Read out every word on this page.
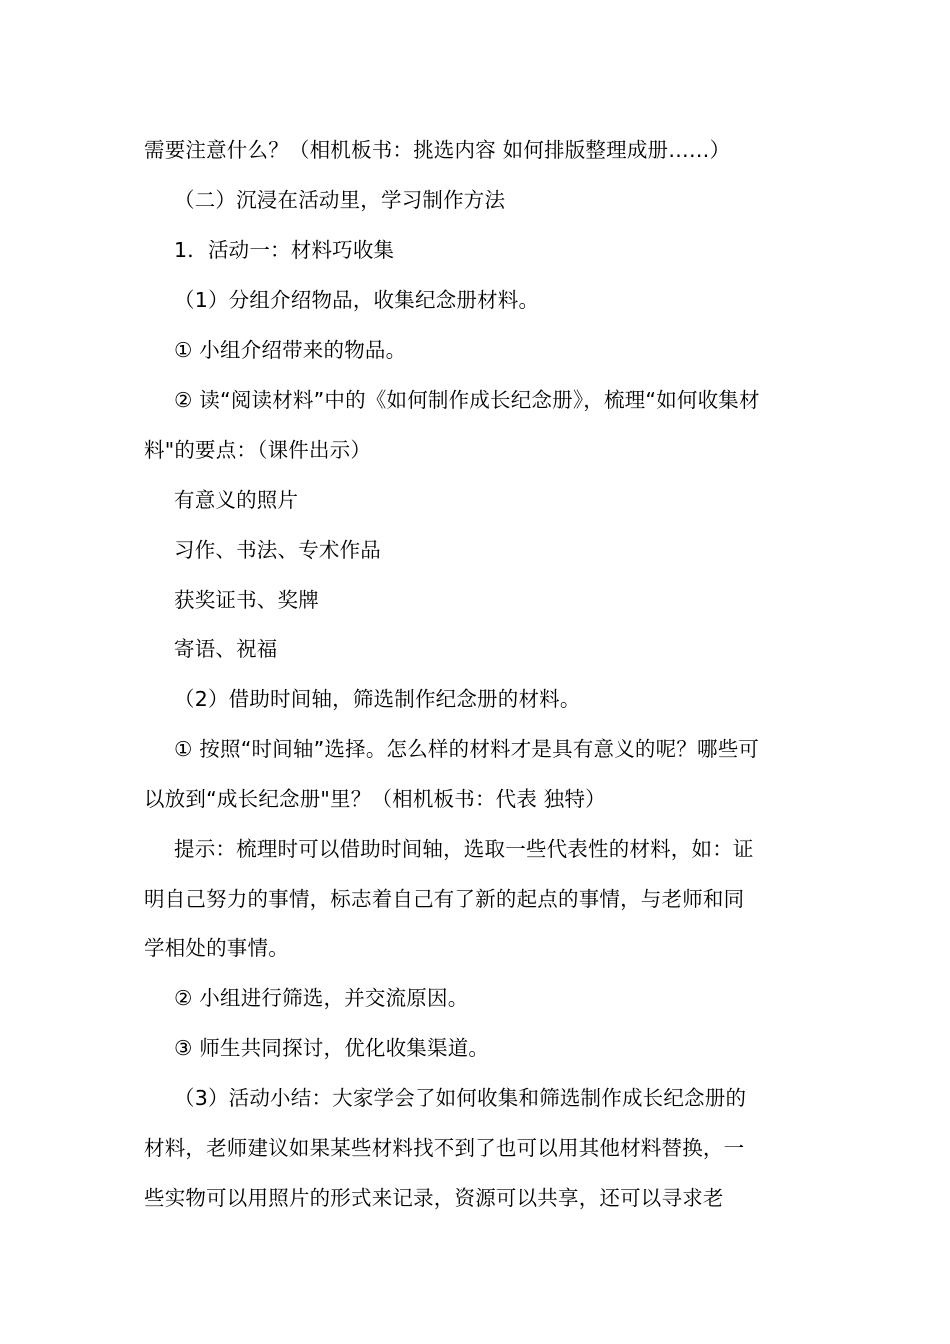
需要注意什么？（相机板书：挑选内容 如何排版整理成册……）
（二）沉浸在活动里，学习制作方法
1．活动一：材料巧收集
（1）分组介绍物品，收集纪念册材料。
① 小组介绍带来的物品。
② 读“阅读材料”中的《如何制作成长纪念册》，梳理“如何收集材
料"的要点：（课件出示）
有意义的照片
习作、书法、专术作品
获奖证书、奖牌
寄语、祝福
（2）借助时间轴，筛选制作纪念册的材料。
① 按照“时间轴”选择。怎么样的材料才是具有意义的呢？哪些可
以放到“成长纪念册"里？（相机板书：代表 独特）
提示：梳理时可以借助时间轴，选取一些代表性的材料，如：证
明自己努力的事情，标志着自己有了新的起点的事情，与老师和同
学相处的事情。
② 小组进行筛选，并交流原因。
③ 师生共同探讨，优化收集渠道。
（3）活动小结：大家学会了如何收集和筛选制作成长纪念册的
材料，老师建议如果某些材料找不到了也可以用其他材料替换，一
些实物可以用照片的形式来记录，资源可以共享，还可以寻求老
